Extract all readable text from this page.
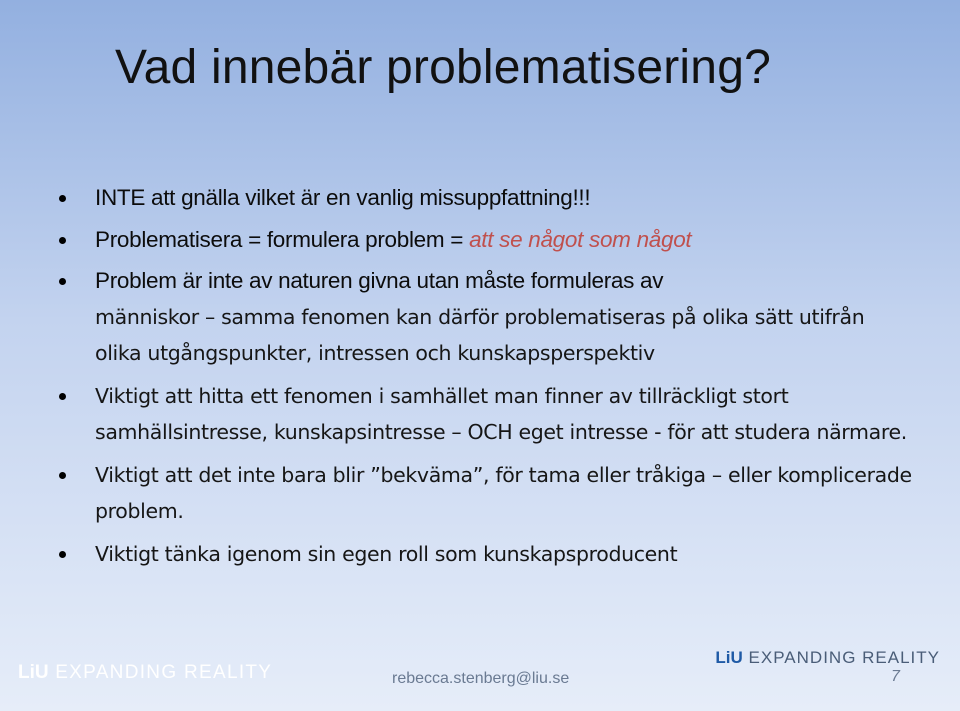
Vad innebär problematisering?
INTE att gnälla vilket är en vanlig missuppfattning!!!
Problematisera = formulera problem = att se något som något
Problem är inte av naturen givna utan måste formuleras av
människor – samma fenomen kan därför problematiseras på olika sätt utifrån olika utgångspunkter, intressen och kunskapsperspektiv
Viktigt att hitta ett fenomen i samhället man finner av tillräckligt stort samhällsintresse, kunskapsintresse – OCH eget intresse - för att studera närmare.
Viktigt att det inte bara blir ”bekväma”, för tama eller tråkiga – eller komplicerade problem.
Viktigt tänka igenom sin egen roll som kunskapsproducent
LiU EXPANDING REALITY
LiU EXPANDING REALITY
rebecca.stenberg@liu.se	7
